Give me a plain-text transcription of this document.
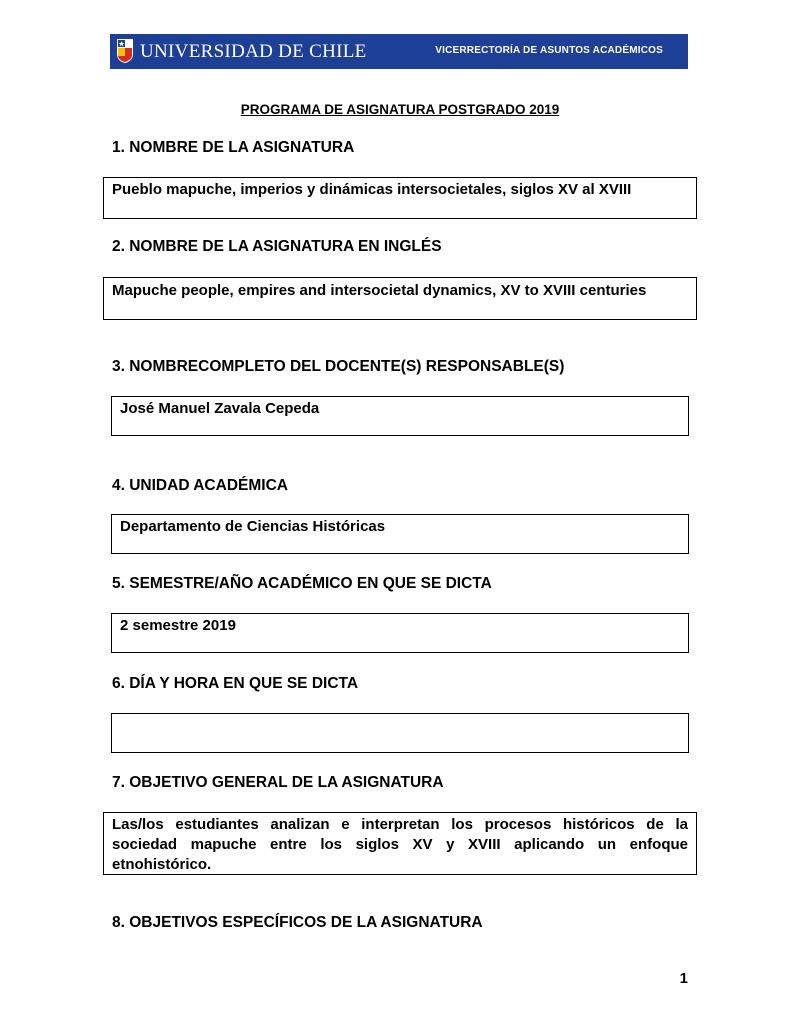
UNIVERSIDAD DE CHILE	VICERRECTORÍA DE ASUNTOS ACADÉMICOS
PROGRAMA DE ASIGNATURA POSTGRADO 2019
1. NOMBRE DE LA ASIGNATURA
Pueblo mapuche, imperios y dinámicas intersocietales, siglos XV al XVIII
2. NOMBRE DE LA ASIGNATURA EN INGLÉS
Mapuche people, empires and intersocietal dynamics, XV to XVIII centuries
3. NOMBRECOMPLETO DEL DOCENTE(S) RESPONSABLE(S)
José Manuel Zavala Cepeda
4. UNIDAD ACADÉMICA
Departamento de Ciencias Históricas
5. SEMESTRE/AÑO ACADÉMICO EN QUE SE DICTA
2 semestre 2019
6. DÍA Y HORA EN QUE SE DICTA
7. OBJETIVO GENERAL DE LA ASIGNATURA
Las/los estudiantes analizan e interpretan los procesos históricos de la sociedad mapuche entre los siglos XV y XVIII aplicando un enfoque etnohistórico.
8. OBJETIVOS ESPECÍFICOS DE LA ASIGNATURA
1
